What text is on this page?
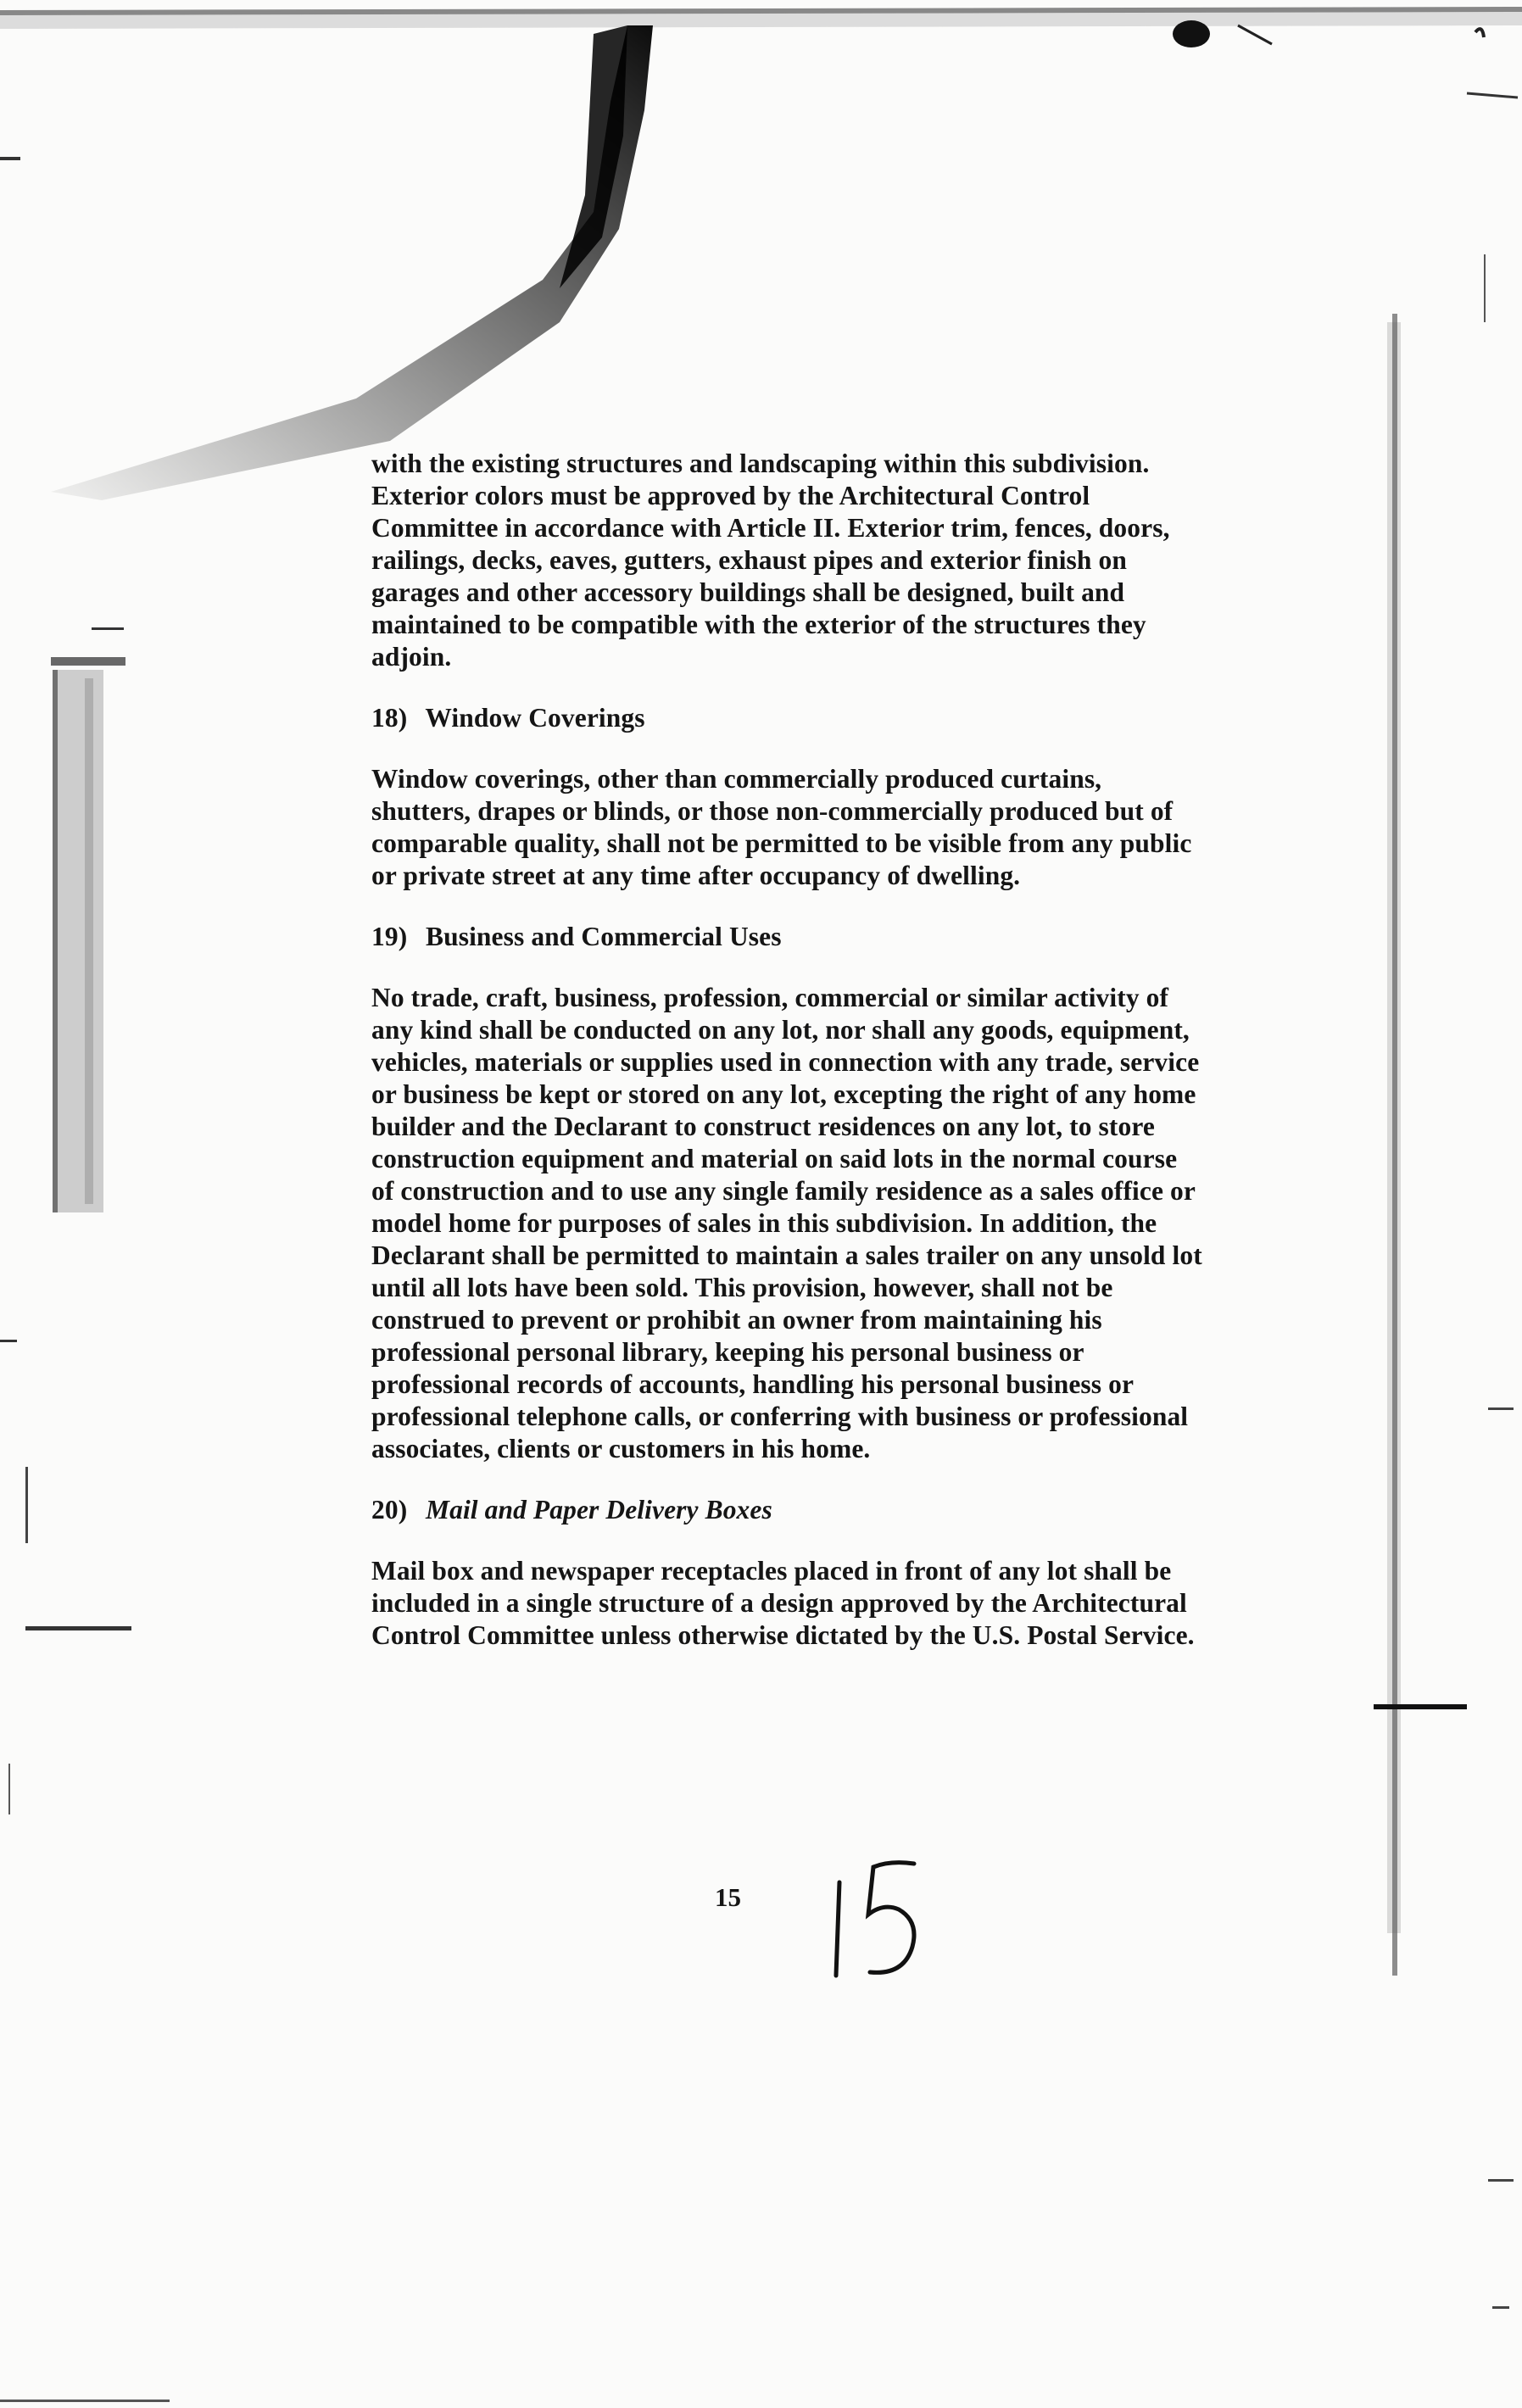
with the existing structures and landscaping within this subdivision. Exterior colors must be approved by the Architectural Control Committee in accordance with Article II. Exterior trim, fences, doors, railings, decks, eaves, gutters, exhaust pipes and exterior finish on garages and other accessory buildings shall be designed, built and maintained to be compatible with the exterior of the structures they adjoin.

18) Window Coverings

Window coverings, other than commercially produced curtains, shutters, drapes or blinds, or those non-commercially produced but of comparable quality, shall not be permitted to be visible from any public or private street at any time after occupancy of dwelling.

19) Business and Commercial Uses

No trade, craft, business, profession, commercial or similar activity of any kind shall be conducted on any lot, nor shall any goods, equipment, vehicles, materials or supplies used in connection with any trade, service or business be kept or stored on any lot, excepting the right of any home builder and the Declarant to construct residences on any lot, to store construction equipment and material on said lots in the normal course of construction and to use any single family residence as a sales office or model home for purposes of sales in this subdivision. In addition, the Declarant shall be permitted to maintain a sales trailer on any unsold lot until all lots have been sold. This provision, however, shall not be construed to prevent or prohibit an owner from maintaining his professional personal library, keeping his personal business or professional records of accounts, handling his personal business or professional telephone calls, or conferring with business or professional associates, clients or customers in his home.

20) Mail and Paper Delivery Boxes

Mail box and newspaper receptacles placed in front of any lot shall be included in a single structure of a design approved by the Architectural Control Committee unless otherwise dictated by the U.S. Postal Service.

15
